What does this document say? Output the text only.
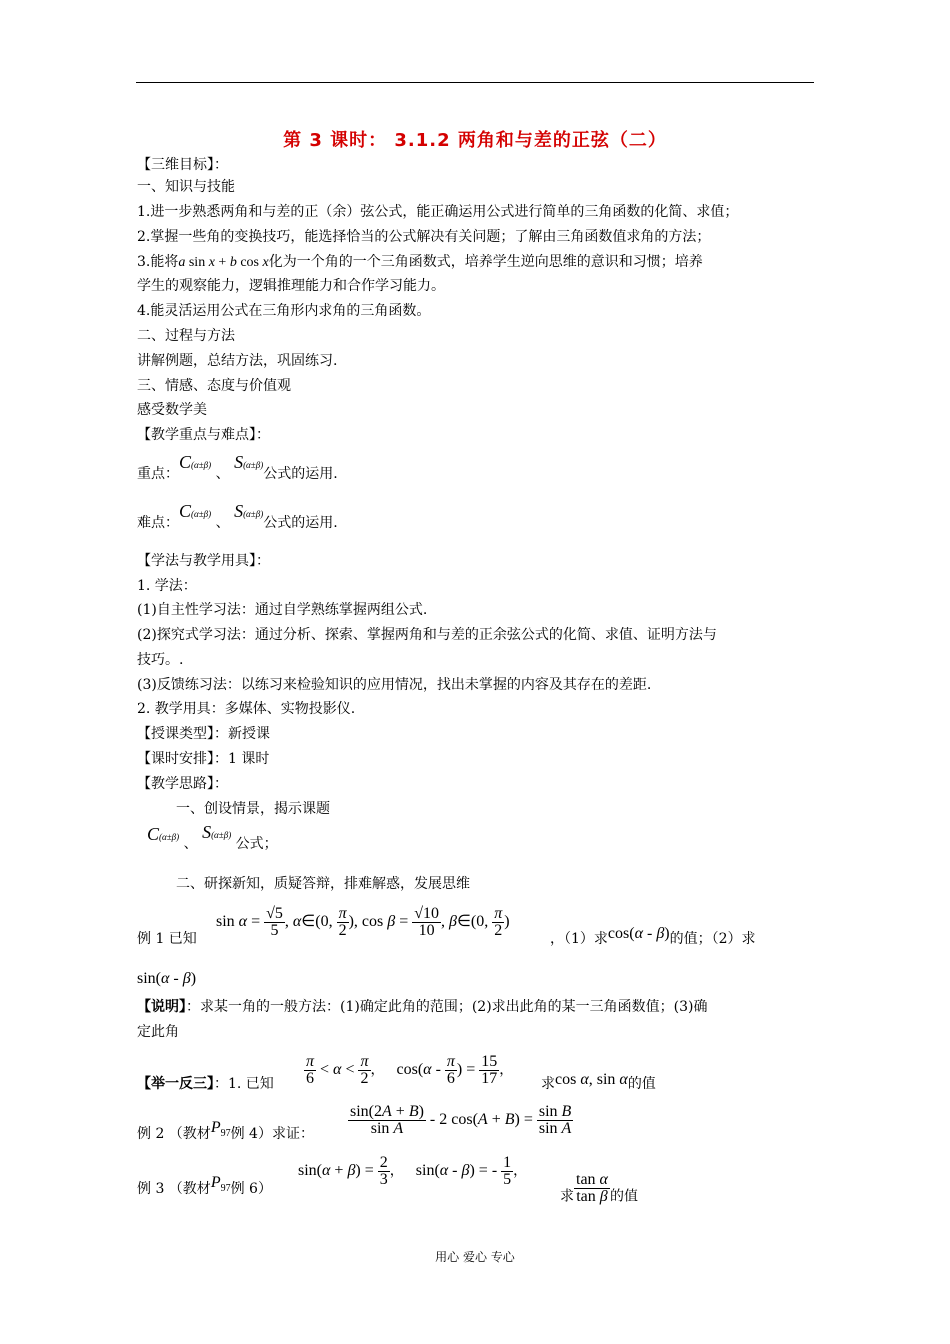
第 3 课时： 3.1.2 两角和与差的正弦（二）
【三维目标】：
一、知识与技能
1.进一步熟悉两角和与差的正（余）弦公式，能正确运用公式进行简单的三角函数的化简、求值；
2.掌握一些角的变换技巧，能选择恰当的公式解决有关问题；了解由三角函数值求角的方法；
3.能将a sin x + b cos x化为一个角的一个三角函数式，培养学生逆向思维的意识和习惯；培养
学生的观察能力，逻辑推理能力和合作学习能力。
4.能灵活运用公式在三角形内求角的三角函数。
二、过程与方法
讲解例题，总结方法，巩固练习.
三、情感、态度与价值观
感受数学美
【教学重点与难点】：
重点：C(α±β) 、 S(α±β)公式的运用.
难点：C(α±β) 、 S(α±β)公式的运用.
【学法与教学用具】：
1. 学法：
(1)自主性学习法：通过自学熟练掌握两组公式.
(2)探究式学习法：通过分析、探索、掌握两角和与差的正余弦公式的化简、求值、证明方法与
技巧。.
(3)反馈练习法：以练习来检验知识的应用情况，找出未掌握的内容及其存在的差距.
2. 教学用具：多媒体、实物投影仪.
【授课类型】：新授课
【课时安排】：1 课时
【教学思路】：
一、创设情景，揭示课题
C(α±β) 、 S(α±β) 公式；
二、研探新知，质疑答辩，排难解惑，发展思维
例 1 已知
$\sin \alpha = \frac{√5}{5}$ , α∈(0, $\frac{\pi}{2}$ ), $\cos \beta = \frac{√10}{10}$ , β∈(0, $\frac{\pi}{2}$ )
，（1）求cos(α - β)的值；（2）求
sin(α - β)
【说明】：求某一角的一般方法：(1)确定此角的范围；(2)求出此角的某一三角函数值；(3)确
定此角
【举一反三】：1. 已知 $\frac{\pi}{6} < \alpha < \frac{\pi}{2}$ ，   $\cos(\alpha - \frac{\pi}{6}$ ) = $\frac{15}{17}$ ，
求cos α, sin α的值
例 2 （教材P97例 4）求证： $\frac{\sin(2A + B)}{\text{sin A}} - 2$ $\cos(A + B) = \frac{\text{sin B}}{\text{sin A}}$
例 3 （教材P97例 6）
$\sin(\alpha + \beta) = \frac{2}{3}$ ，   sin(α - β) = - $\frac{1}{5}$ ，
求 $\frac{\text{tan α}}{\text{tan β}}$ 的值
用心 爱心 专心
